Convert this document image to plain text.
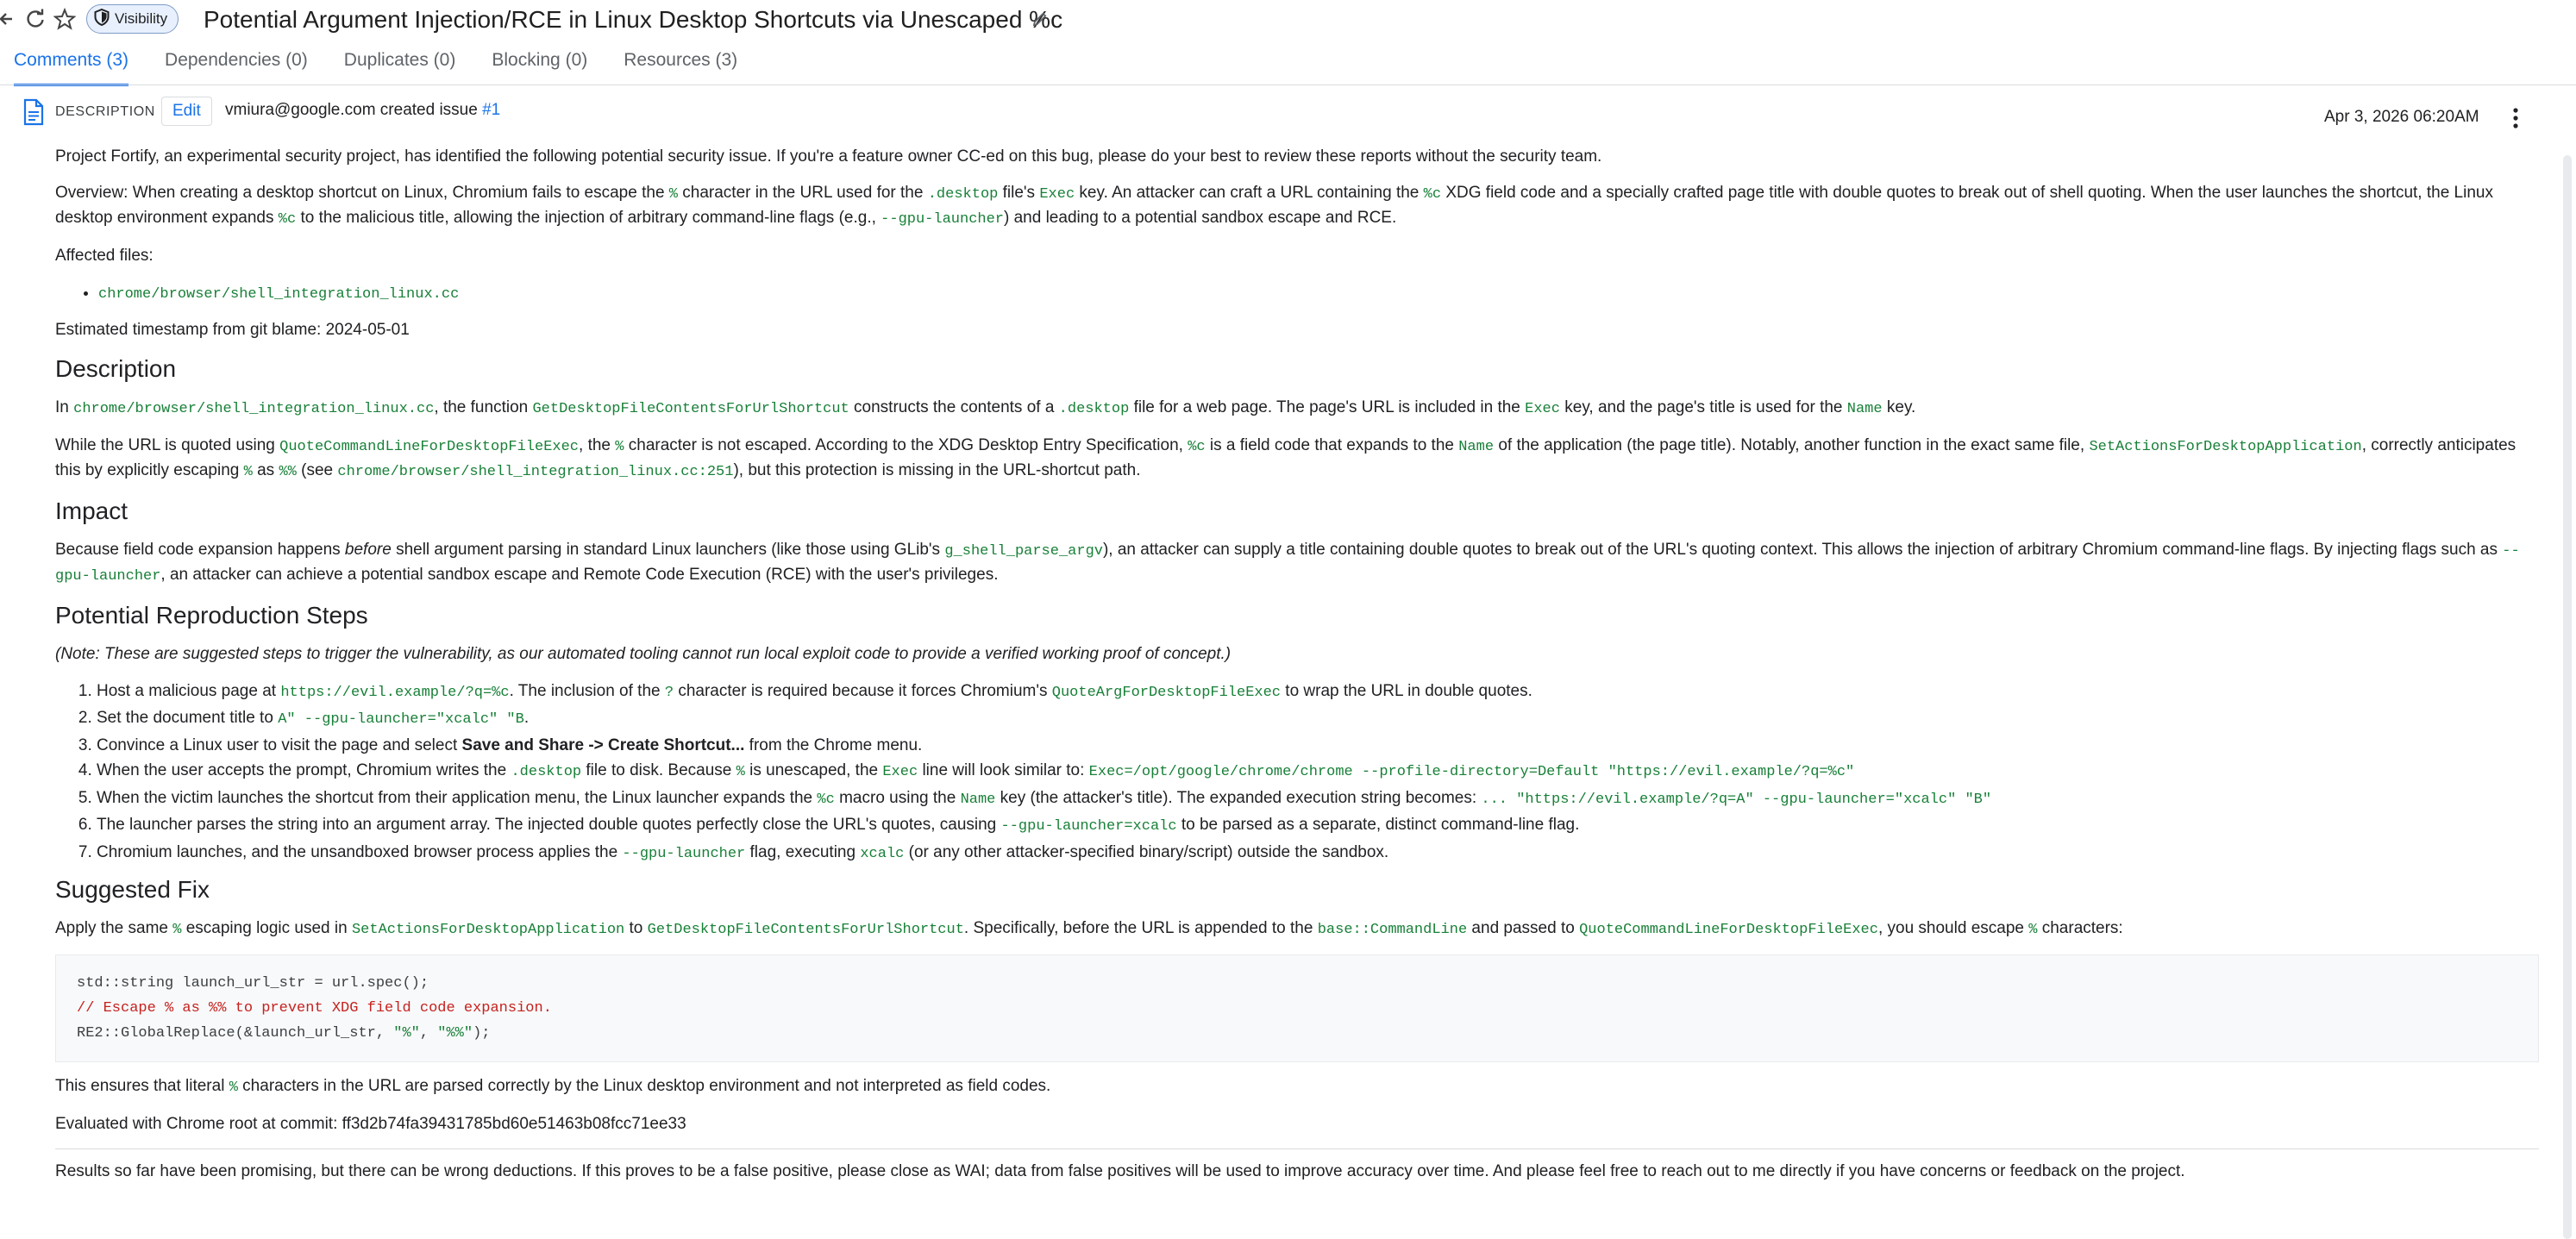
Visibility Potential Argument Injection/RCE in Linux Desktop Shortcuts via Unescaped %c
Comments (3) Dependencies (0) Duplicates (0) Blocking (0) Resources (3)
DESCRIPTION	Edit	vmiura@google.com created issue #1	Apr 3, 2026 06:20AM

Project Fortify, an experimental security project, has identified the following potential security issue. If you're a feature owner CC-ed on this bug, please do your best to review these reports without the security team.

Overview: When creating a desktop shortcut on Linux, Chromium fails to escape the % character in the URL used for the .desktop file's Exec key. An attacker can craft a URL containing the %c XDG field code and a specially crafted page title with double quotes to break out of shell quoting. When the user launches the shortcut, the Linux desktop environment expands %c to the malicious title, allowing the injection of arbitrary command-line flags (e.g., --gpu-launcher) and leading to a potential sandbox escape and RCE.

Affected files:

• chrome/browser/shell_integration_linux.cc

Estimated timestamp from git blame: 2024-05-01

Description

In chrome/browser/shell_integration_linux.cc, the function GetDesktopFileContentsForUrlShortcut constructs the contents of a .desktop file for a web page. The page's URL is included in the Exec key, and the page's title is used for the Name key.

While the URL is quoted using QuoteCommandLineForDesktopFileExec, the % character is not escaped. According to the XDG Desktop Entry Specification, %c is a field code that expands to the Name of the application (the page title). Notably, another function in the exact same file, SetActionsForDesktopApplication, correctly anticipates this by explicitly escaping % as %% (see chrome/browser/shell_integration_linux.cc:251), but this protection is missing in the URL-shortcut path.

Impact

Because field code expansion happens before shell argument parsing in standard Linux launchers (like those using GLib's g_shell_parse_argv), an attacker can supply a title containing double quotes to break out of the URL's quoting context. This allows the injection of arbitrary Chromium command-line flags. By injecting flags such as --gpu-launcher, an attacker can achieve a potential sandbox escape and Remote Code Execution (RCE) with the user's privileges.

Potential Reproduction Steps

(Note: These are suggested steps to trigger the vulnerability, as our automated tooling cannot run local exploit code to provide a verified working proof of concept.)

1. Host a malicious page at https://evil.example/?q=%c. The inclusion of the ? character is required because it forces Chromium's QuoteArgForDesktopFileExec to wrap the URL in double quotes.
2. Set the document title to A" --gpu-launcher="xcalc" "B.
3. Convince a Linux user to visit the page and select Save and Share -> Create Shortcut... from the Chrome menu.
4. When the user accepts the prompt, Chromium writes the .desktop file to disk. Because % is unescaped, the Exec line will look similar to: Exec=/opt/google/chrome/chrome --profile-directory=Default "https://evil.example/?q=%c"
5. When the victim launches the shortcut from their application menu, the Linux launcher expands the %c macro using the Name key (the attacker's title). The expanded execution string becomes: ... "https://evil.example/?q=A" --gpu-launcher="xcalc" "B"
6. The launcher parses the string into an argument array. The injected double quotes perfectly close the URL's quotes, causing --gpu-launcher=xcalc to be parsed as a separate, distinct command-line flag.
7. Chromium launches, and the unsandboxed browser process applies the --gpu-launcher flag, executing xcalc (or any other attacker-specified binary/script) outside the sandbox.
Suggested Fix

Apply the same % escaping logic used in SetActionsForDesktopApplication to GetDesktopFileContentsForUrlShortcut. Specifically, before the URL is appended to the base::CommandLine and passed to QuoteCommandLineForDesktopFileExec, you should escape % characters:

std::string launch_url_str = url.spec();
// Escape % as %% to prevent XDG field code expansion.
RE2::GlobalReplace(&launch_url_str, "%", "%%");

This ensures that literal % characters in the URL are parsed correctly by the Linux desktop environment and not interpreted as field codes.

Evaluated with Chrome root at commit: ff3d2b74fa39431785bd60e51463b08fcc71ee33

Results so far have been promising, but there can be wrong deductions. If this proves to be a false positive, please close as WAI; data from false positives will be used to improve accuracy over time. And please feel free to reach out to me directly if you have concerns or feedback on the project.
